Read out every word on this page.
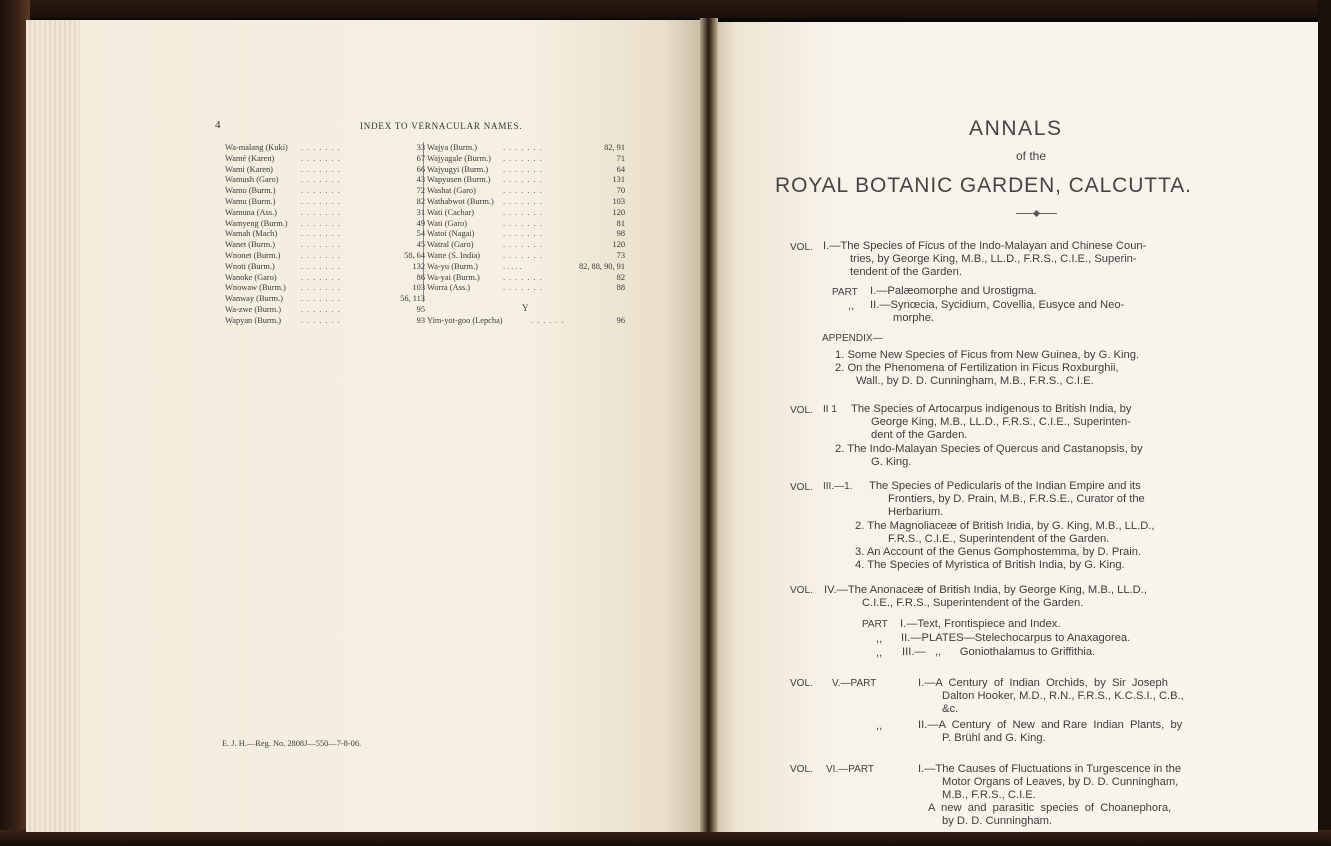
4	INDEX TO VERNACULAR NAMES.
Wa-malang (Kuki) .......	33
Wamé (Karen)	.......	67
Wami (Karen)	.......	66
Wamush (Garo)	.......	43
Wamo (Burm.)	.......	72
Wamu (Burm.)	.......	82
Wamuna (Ass.)	.......	31
Wamyeng (Burm.) .......	49
Wamah (Mach)	.......	54
Wanet (Burm.)	.......	45
Wnonet (Burm.) .......	58, 64
Wnoti (Burm.)	.......	132
Wanoke (Garo)	.......	86
Wnowaw (Burm.) .......	103
Wanway (Burm.) .......	56, 113
Wa-zwe (Burm.) .......	95
Wapyan (Burm.) .......	93
Wajya (Burm.)	.......	82, 91
Wajyagale (Burm.) .......	71
Wajyugyi (Burm.) .......	64
Wapyusen (Burm.) .......	131
Washat (Garo)	.......	70
Wathabwot (Burm.) .......	103
Wati (Cachar)	.......	120
Wati (Garo)	.......	81
Watoi (Nagai)	.......	98
Watral (Garo)	.......	120
Watte (S. India)	.......	73
Wa-yu (Burm.)	.....	82, 88, 90, 91
Wa-yai (Burm.)	.......	82
Worra (Ass.)	.......	88
Y
Yim-yot-goo (Lepcha)	......	96
E. J. H.—Reg. No. 2808J—550—7-8-06.
ANNALS
of the
ROYAL BOTANIC GARDEN, CALCUTTA.
VOL. I.—The Species of Ficus of the Indo-Malayan and Chinese Coun-
tries, by George King, M.B., LL.D., F.R.S., C.I.E., Superin-
tendent of the Garden.
PART I.—Palæomorphe and Urostigma.
,, II.—Synœcia, Sycidium, Covellia, Eusyce and Neo-
morphe.
APPENDIX—
1. Some New Species of Ficus from New Guinea, by G. King.
2. On the Phenomena of Fertilization in Ficus Roxburghii,
Wall., by D. D. Cunningham, M.B., F.R.S., C.I.E.
VOL. II 1 The Species of Artocarpus indigenous to British India, by
George King, M.B., LL.D., F.R.S., C.I.E., Superinten-
dent of the Garden.
2. The Indo-Malayan Species of Quercus and Castanopsis, by
G. King.
VOL. III.—1. The Species of Pedicularis of the Indian Empire and its
Frontiers, by D. Prain, M.B., F.R.S.E., Curator of the
Herbarium.
2. The Magnoliaceæ of British India, by G. King, M.B., LL.D.,
F.R.S., C.I.E., Superintendent of the Garden.
3. An Account of the Genus Gomphostemma, by D. Prain.
4. The Species of Myristica of British India, by G. King.
VOL. IV.—The Anonaceæ of British India, by George King, M.B., LL.D.,
C.I.E., F.R.S., Superintendent of the Garden.
PART I.—Text, Frontispiece and Index.
,, II.—PLATES—Stelechocarpus to Anaxagorea.
,, III.—   ,,      Goniothalamus to Griffithia.
VOL. V.—PART	I.—A  Century  of  Indian  Orchids,  by  Sir  Joseph
Dalton Hooker, M.D., R.N., F.R.S., K.C.S.I., C.B.,
&c.
,,	II.—A  Century  of  New  and Rare  Indian  Plants,  by
P. Brühl and G. King.
VOL. VI.—PART	I.—The Causes of Fluctuations in Turgescence in the
Motor Organs of Leaves, by D. D. Cunningham,
M.B., F.R.S., C.I.E.
A  new  and  parasitic  species  of  Choanephora,
by D. D. Cunningham.
